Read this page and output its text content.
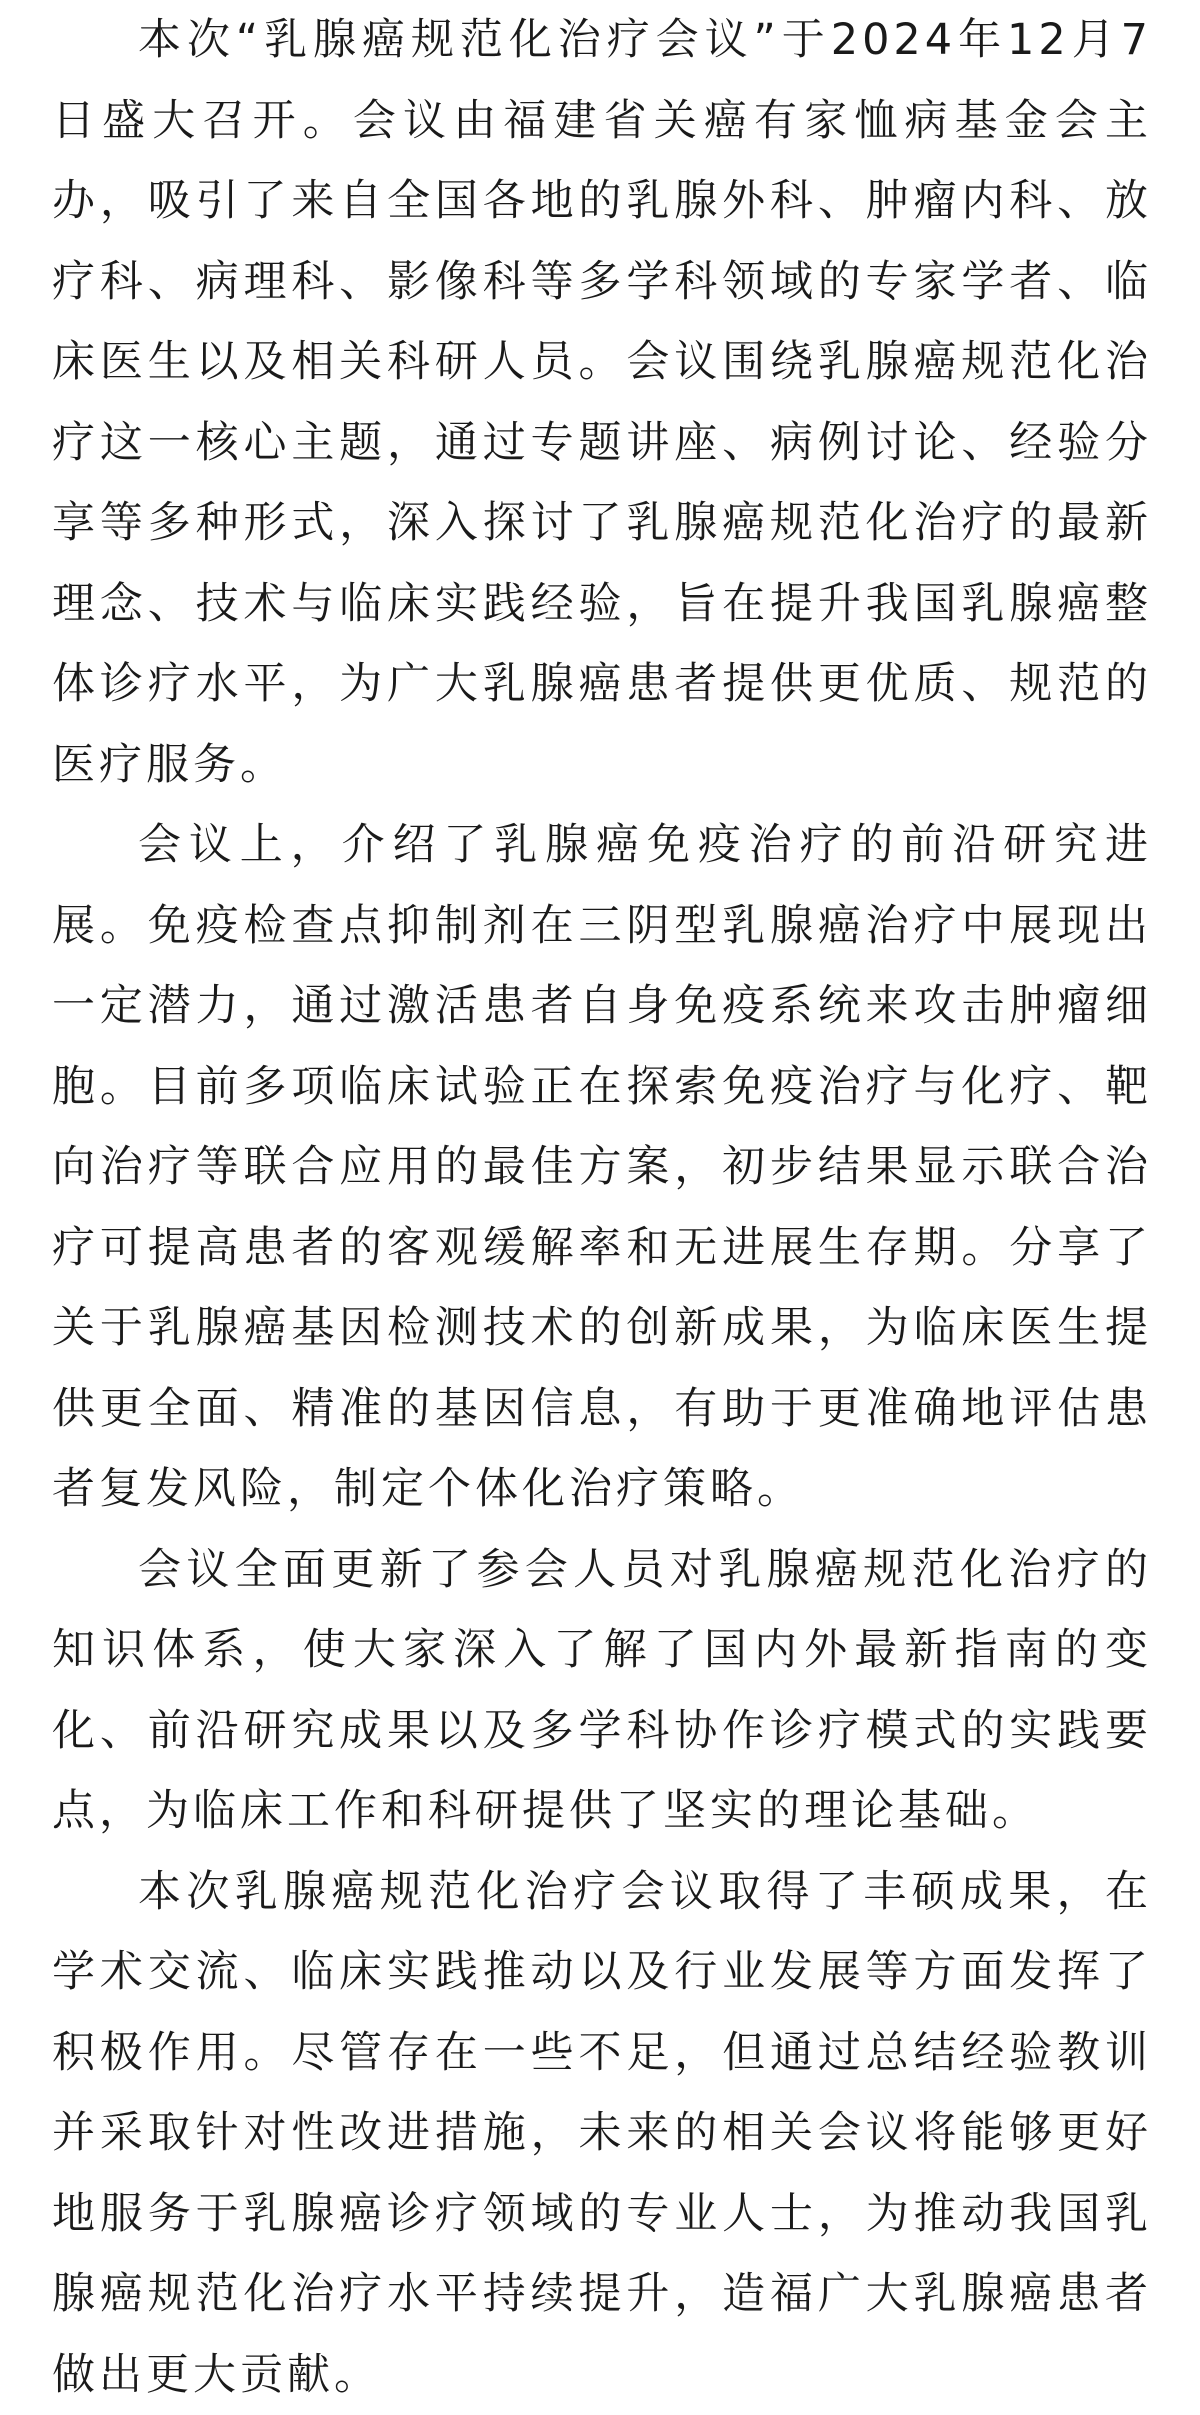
本次“乳腺癌规范化治疗会议”于2024年12月7日盛大召开。会议由福建省关癌有家恤病基金会主办，吸引了来自全国各地的乳腺外科、肿瘤内科、放疗科、病理科、影像科等多学科领域的专家学者、临床医生以及相关科研人员。会议围绕乳腺癌规范化治疗这一核心主题，通过专题讲座、病例讨论、经验分享等多种形式，深入探讨了乳腺癌规范化治疗的最新理念、技术与临床实践经验，旨在提升我国乳腺癌整体诊疗水平，为广大乳腺癌患者提供更优质、规范的医疗服务。

会议上，介绍了乳腺癌免疫治疗的前沿研究进展。免疫检查点抑制剂在三阴型乳腺癌治疗中展现出一定潜力，通过激活患者自身免疫系统来攻击肿瘤细胞。目前多项临床试验正在探索免疫治疗与化疗、靶向治疗等联合应用的最佳方案，初步结果显示联合治疗可提高患者的客观缓解率和无进展生存期。分享了关于乳腺癌基因检测技术的创新成果，为临床医生提供更全面、精准的基因信息，有助于更准确地评估患者复发风险，制定个体化治疗策略。

会议全面更新了参会人员对乳腺癌规范化治疗的知识体系，使大家深入了解了国内外最新指南的变化、前沿研究成果以及多学科协作诊疗模式的实践要点，为临床工作和科研提供了坚实的理论基础。

本次乳腺癌规范化治疗会议取得了丰硕成果，在学术交流、临床实践推动以及行业发展等方面发挥了积极作用。尽管存在一些不足，但通过总结经验教训并采取针对性改进措施，未来的相关会议将能够更好地服务于乳腺癌诊疗领域的专业人士，为推动我国乳腺癌规范化治疗水平持续提升，造福广大乳腺癌患者做出更大贡献。
